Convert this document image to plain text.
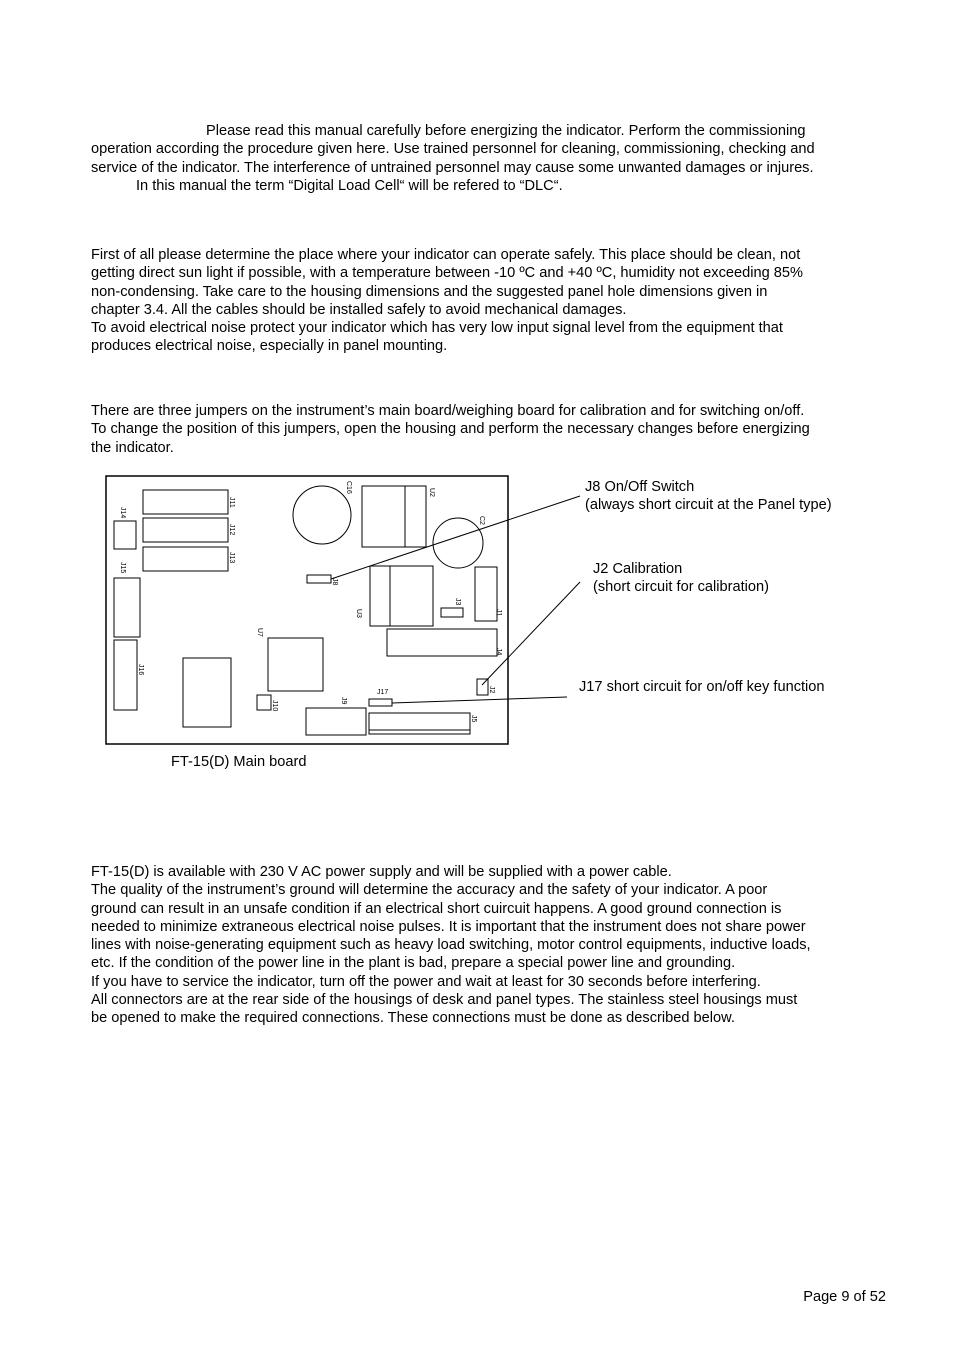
Please read this manual carefully before energizing the indicator. Perform the commissioning
operation according the procedure given here. Use trained personnel for cleaning, commissioning, checking and
service of the indicator. The interference of untrained personnel may cause some unwanted damages or injures.
In this manual the term “Digital Load Cell“ will be refered to “DLC“.
First of all please determine the place where your indicator can operate safely. This place should be clean, not
getting direct sun light if possible, with a temperature between -10 ºC and +40 ºC, humidity not exceeding 85%
non-condensing. Take care to the housing dimensions and the suggested panel hole dimensions given in
chapter 3.4. All the cables should be installed safely to avoid mechanical damages.
To avoid electrical noise protect your indicator which has very low input signal level from the equipment that
produces electrical noise, especially in panel mounting.
There are three jumpers on the instrument’s main board/weighing board for calibration and for switching on/off.
To change the position of this jumpers, open the housing and perform the necessary changes before energizing
the indicator.
J11
J12
J13
J14
J15
J16
C16	U2
C2
J8
U3
J3
J1
U7
J4
J2
J17
J10	J9
J5
J8 On/Off Switch
(always short circuit at the Panel type)
J2 Calibration
(short circuit for calibration)
J17 short circuit for on/off key function
FT-15(D) Main board
FT-15(D) is available with 230 V AC power supply and will be supplied with a power cable.
The quality of the instrument’s ground will determine the accuracy and the safety of your indicator. A poor
ground can result in an unsafe condition if an electrical short cuircuit happens. A good ground connection is
needed to minimize extraneous electrical noise pulses. It is important that the instrument does not share power
lines with noise-generating equipment such as heavy load switching, motor control equipments, inductive loads,
etc. If the condition of the power line in the plant is bad, prepare a special power line and grounding.
If you have to service the indicator, turn off the power and wait at least for 30 seconds before interfering.
All connectors are at the rear side of the housings of desk and panel types. The stainless steel housings must
be opened to make the required connections. These connections must be done as described below.
Page 9 of 52
